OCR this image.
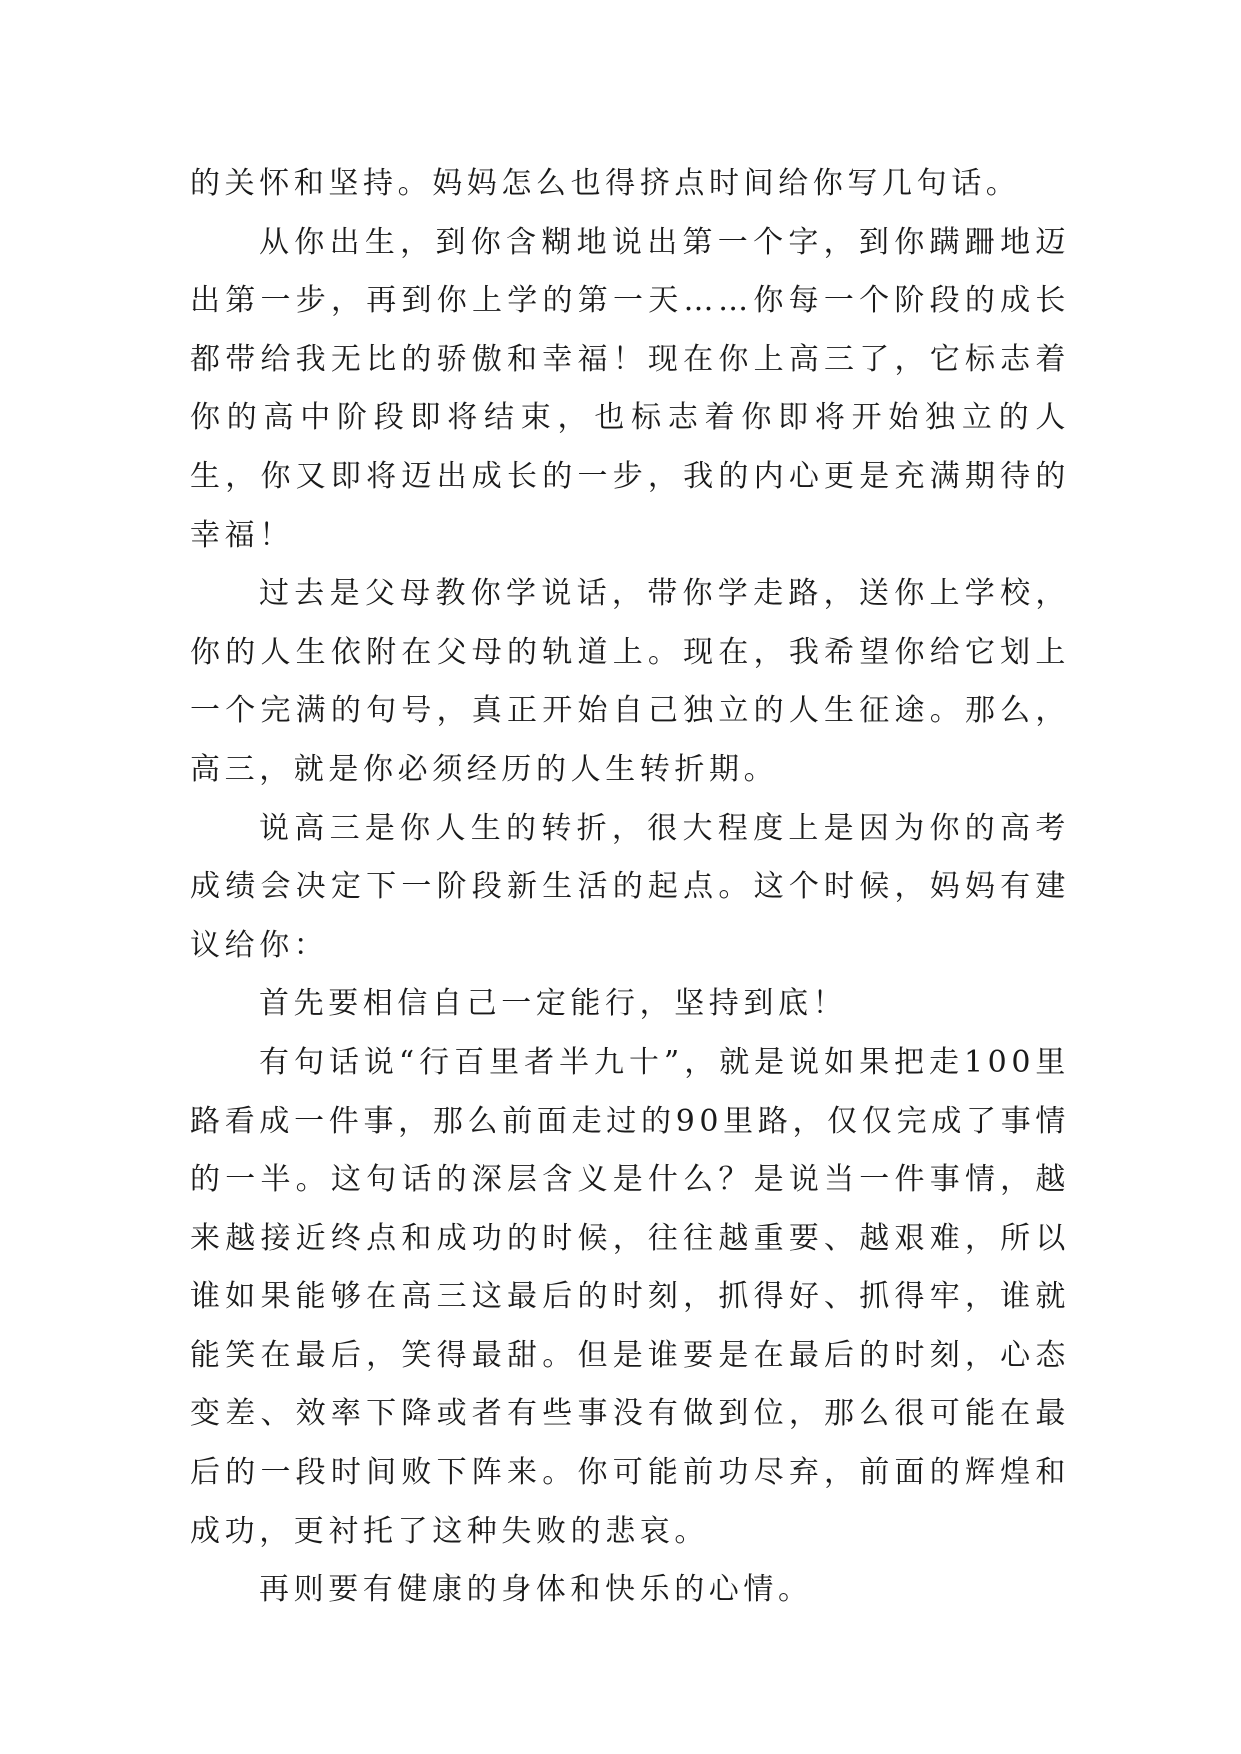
的关怀和坚持。妈妈怎么也得挤点时间给你写几句话。

从你出生，到你含糊地说出第一个字，到你蹒跚地迈出第一步，再到你上学的第一天……你每一个阶段的成长都带给我无比的骄傲和幸福！现在你上高三了，它标志着你的高中阶段即将结束，也标志着你即将开始独立的人生，你又即将迈出成长的一步，我的内心更是充满期待的幸福！

过去是父母教你学说话，带你学走路，送你上学校，你的人生依附在父母的轨道上。现在，我希望你给它划上一个完满的句号，真正开始自己独立的人生征途。那么，高三，就是你必须经历的人生转折期。

说高三是你人生的转折，很大程度上是因为你的高考成绩会决定下一阶段新生活的起点。这个时候，妈妈有建议给你：

首先要相信自己一定能行，坚持到底！

有句话说“行百里者半九十”，就是说如果把走100里路看成一件事，那么前面走过的90里路，仅仅完成了事情的一半。这句话的深层含义是什么？是说当一件事情，越来越接近终点和成功的时候，往往越重要、越艰难，所以谁如果能够在高三这最后的时刻，抓得好、抓得牢，谁就能笑在最后，笑得最甜。但是谁要是在最后的时刻，心态变差、效率下降或者有些事没有做到位，那么很可能在最后的一段时间败下阵来。你可能前功尽弃，前面的辉煌和成功，更衬托了这种失败的悲哀。

再则要有健康的身体和快乐的心情。
